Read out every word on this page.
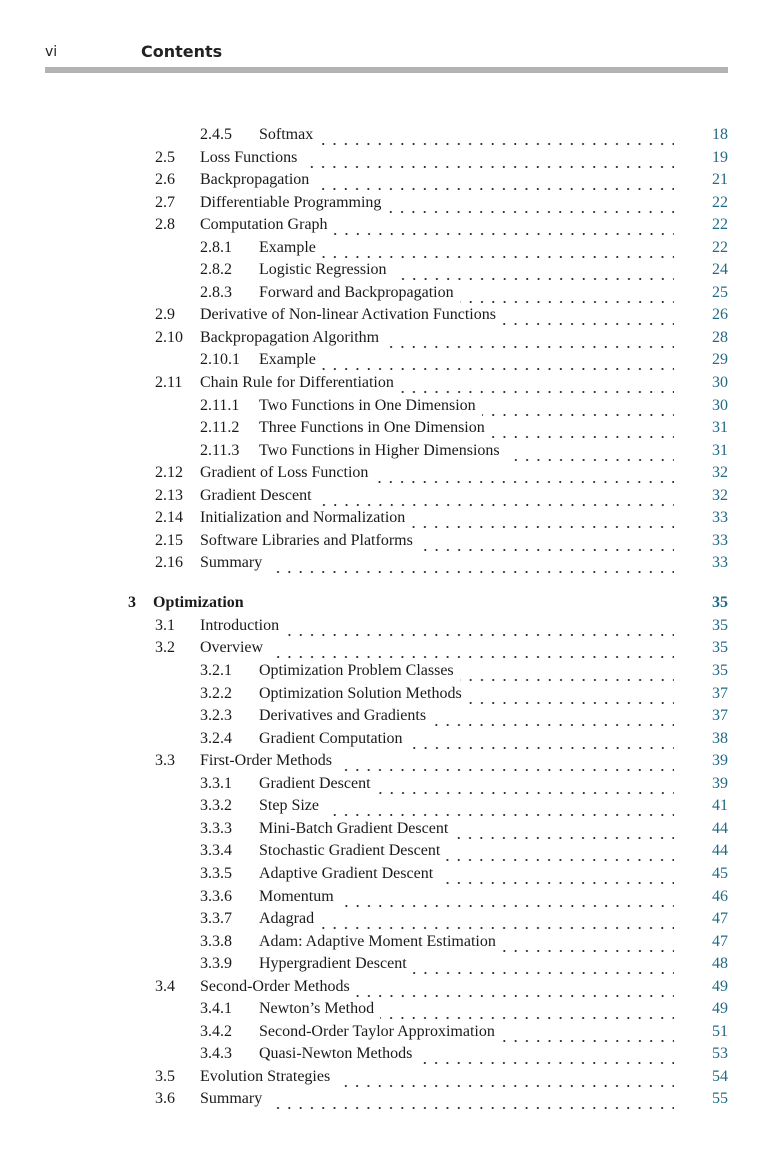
vi	Contents
2.4.5 Softmax	18
2.5 Loss Functions	19
2.6 Backpropagation	21
2.7 Differentiable Programming	22
2.8 Computation Graph	22
2.8.1 Example	22
2.8.2 Logistic Regression	24
2.8.3 Forward and Backpropagation	25
2.9 Derivative of Non-linear Activation Functions	26
2.10 Backpropagation Algorithm	28
2.10.1 Example	29
2.11 Chain Rule for Differentiation	30
2.11.1 Two Functions in One Dimension	30
2.11.2 Three Functions in One Dimension	31
2.11.3 Two Functions in Higher Dimensions	31
2.12 Gradient of Loss Function	32
2.13 Gradient Descent	32
2.14 Initialization and Normalization	33
2.15 Software Libraries and Platforms	33
2.16 Summary	33
3 Optimization	35
3.1 Introduction	35
3.2 Overview	35
3.2.1 Optimization Problem Classes	35
3.2.2 Optimization Solution Methods	37
3.2.3 Derivatives and Gradients	37
3.2.4 Gradient Computation	38
3.3 First-Order Methods	39
3.3.1 Gradient Descent	39
3.3.2 Step Size	41
3.3.3 Mini-Batch Gradient Descent	44
3.3.4 Stochastic Gradient Descent	44
3.3.5 Adaptive Gradient Descent	45
3.3.6 Momentum	46
3.3.7 Adagrad	47
3.3.8 Adam: Adaptive Moment Estimation	47
3.3.9 Hypergradient Descent	48
3.4 Second-Order Methods	49
3.4.1 Newton’s Method	49
3.4.2 Second-Order Taylor Approximation	51
3.4.3 Quasi-Newton Methods	53
3.5 Evolution Strategies	54
3.6 Summary	55
